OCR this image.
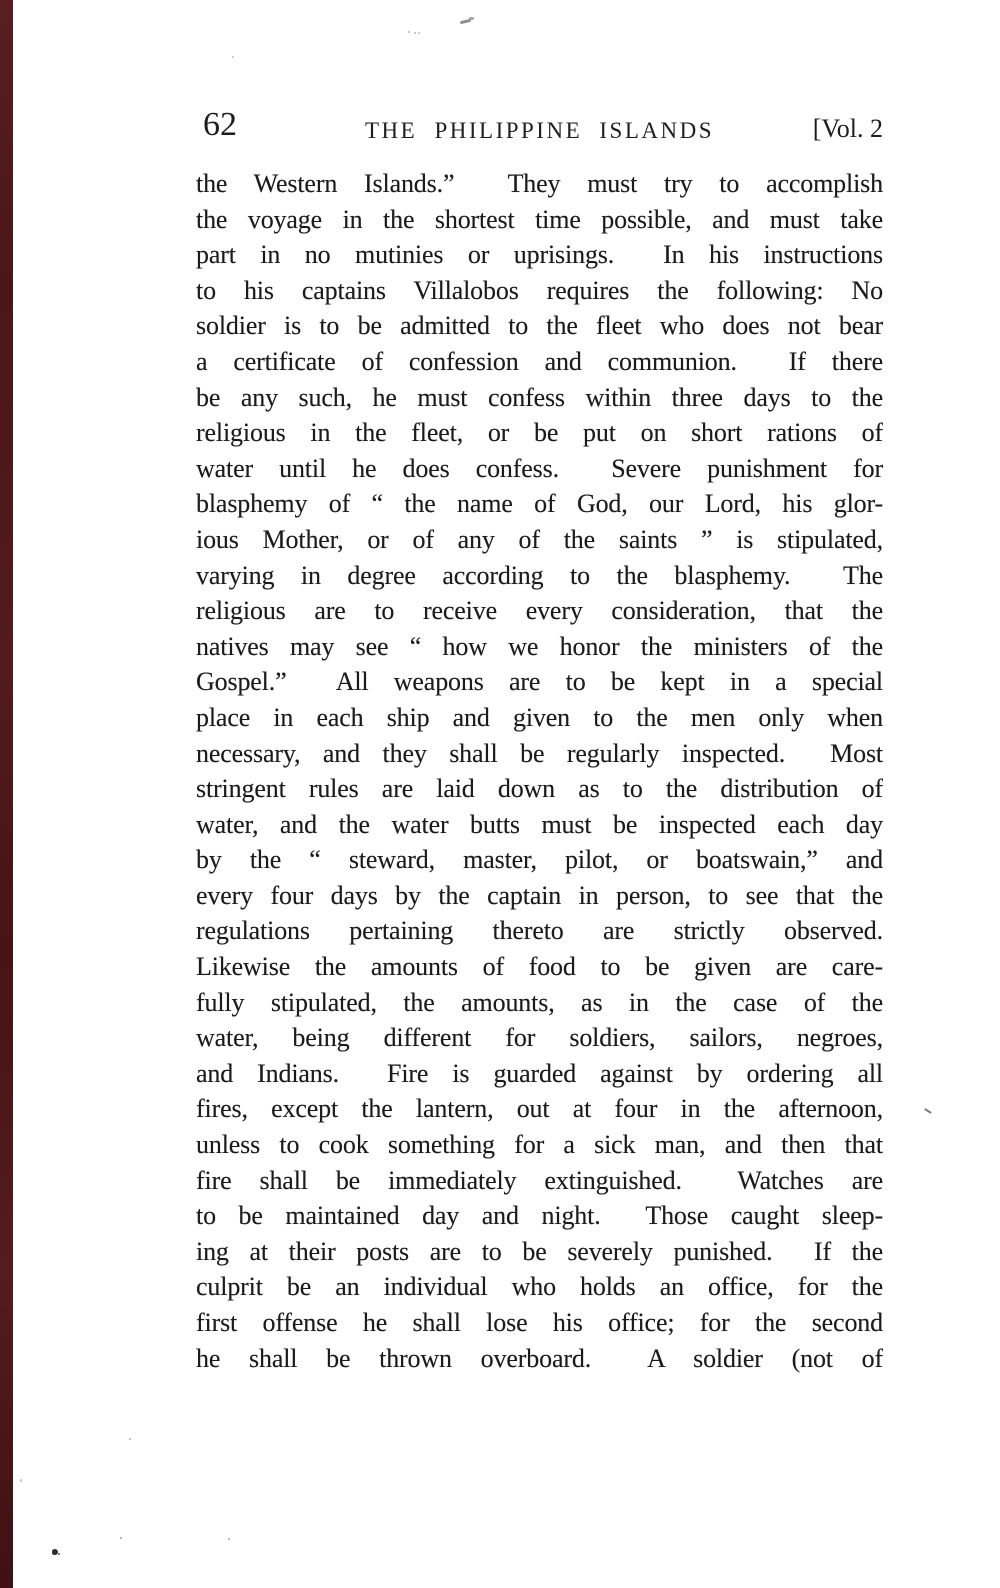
62	THE PHILIPPINE ISLANDS	[Vol. 2
the Western Islands.”  They must try to accomplish
the voyage in the shortest time possible, and must take
part in no mutinies or uprisings.  In his instructions
to his captains Villalobos requires the following: No
soldier is to be admitted to the fleet who does not bear
a certificate of confession and communion.  If there
be any such, he must confess within three days to the
religious in the fleet, or be put on short rations of
water until he does confess.  Severe punishment for
blasphemy of “ the name of God, our Lord, his glor-
ious Mother, or of any of the saints ” is stipulated,
varying in degree according to the blasphemy.  The
religious are to receive every consideration, that the
natives may see “ how we honor the ministers of the
Gospel.”  All weapons are to be kept in a special
place in each ship and given to the men only when
necessary, and they shall be regularly inspected.  Most
stringent rules are laid down as to the distribution of
water, and the water butts must be inspected each day
by the “ steward, master, pilot, or boatswain,” and
every four days by the captain in person, to see that the
regulations pertaining thereto are strictly observed.
Likewise the amounts of food to be given are care-
fully stipulated, the amounts, as in the case of the
water, being different for soldiers, sailors, negroes,
and Indians.  Fire is guarded against by ordering all
fires, except the lantern, out at four in the afternoon,
unless to cook something for a sick man, and then that
fire shall be immediately extinguished.  Watches are
to be maintained day and night.  Those caught sleep-
ing at their posts are to be severely punished.  If the
culprit be an individual who holds an office, for the
first offense he shall lose his office; for the second
he shall be thrown overboard.  A soldier (not of
